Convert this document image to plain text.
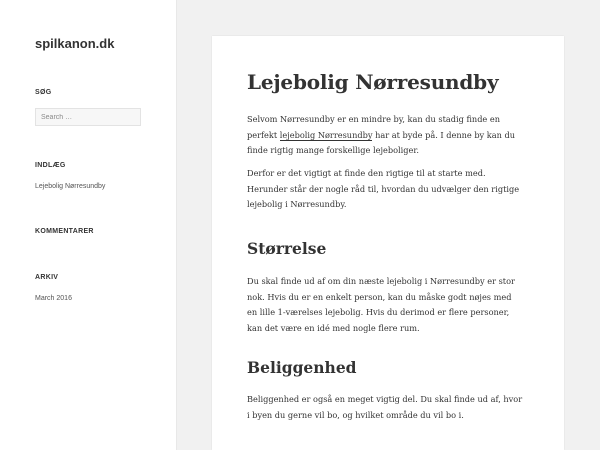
spilkanon.dk
SØG
Search …
INDLÆG
Lejebolig Nørresundby
KOMMENTARER
ARKIV
March 2016
Lejebolig Nørresundby

Selvom Nørresundby er en mindre by, kan du stadig finde en
perfekt lejebolig Nørresundby har at byde på. I denne by kan du
finde rigtig mange forskellige lejeboliger.

Derfor er det vigtigt at finde den rigtige til at starte med.
Herunder står der nogle råd til, hvordan du udvælger den rigtige
lejebolig i Nørresundby.

Størrelse

Du skal finde ud af om din næste lejebolig i Nørresundby er stor
nok. Hvis du er en enkelt person, kan du måske godt nøjes med
en lille 1-værelses lejebolig. Hvis du derimod er flere personer,
kan det være en idé med nogle flere rum.

Beliggenhed

Beliggenhed er også en meget vigtig del. Du skal finde ud af, hvor
i byen du gerne vil bo, og hvilket område du vil bo i.
